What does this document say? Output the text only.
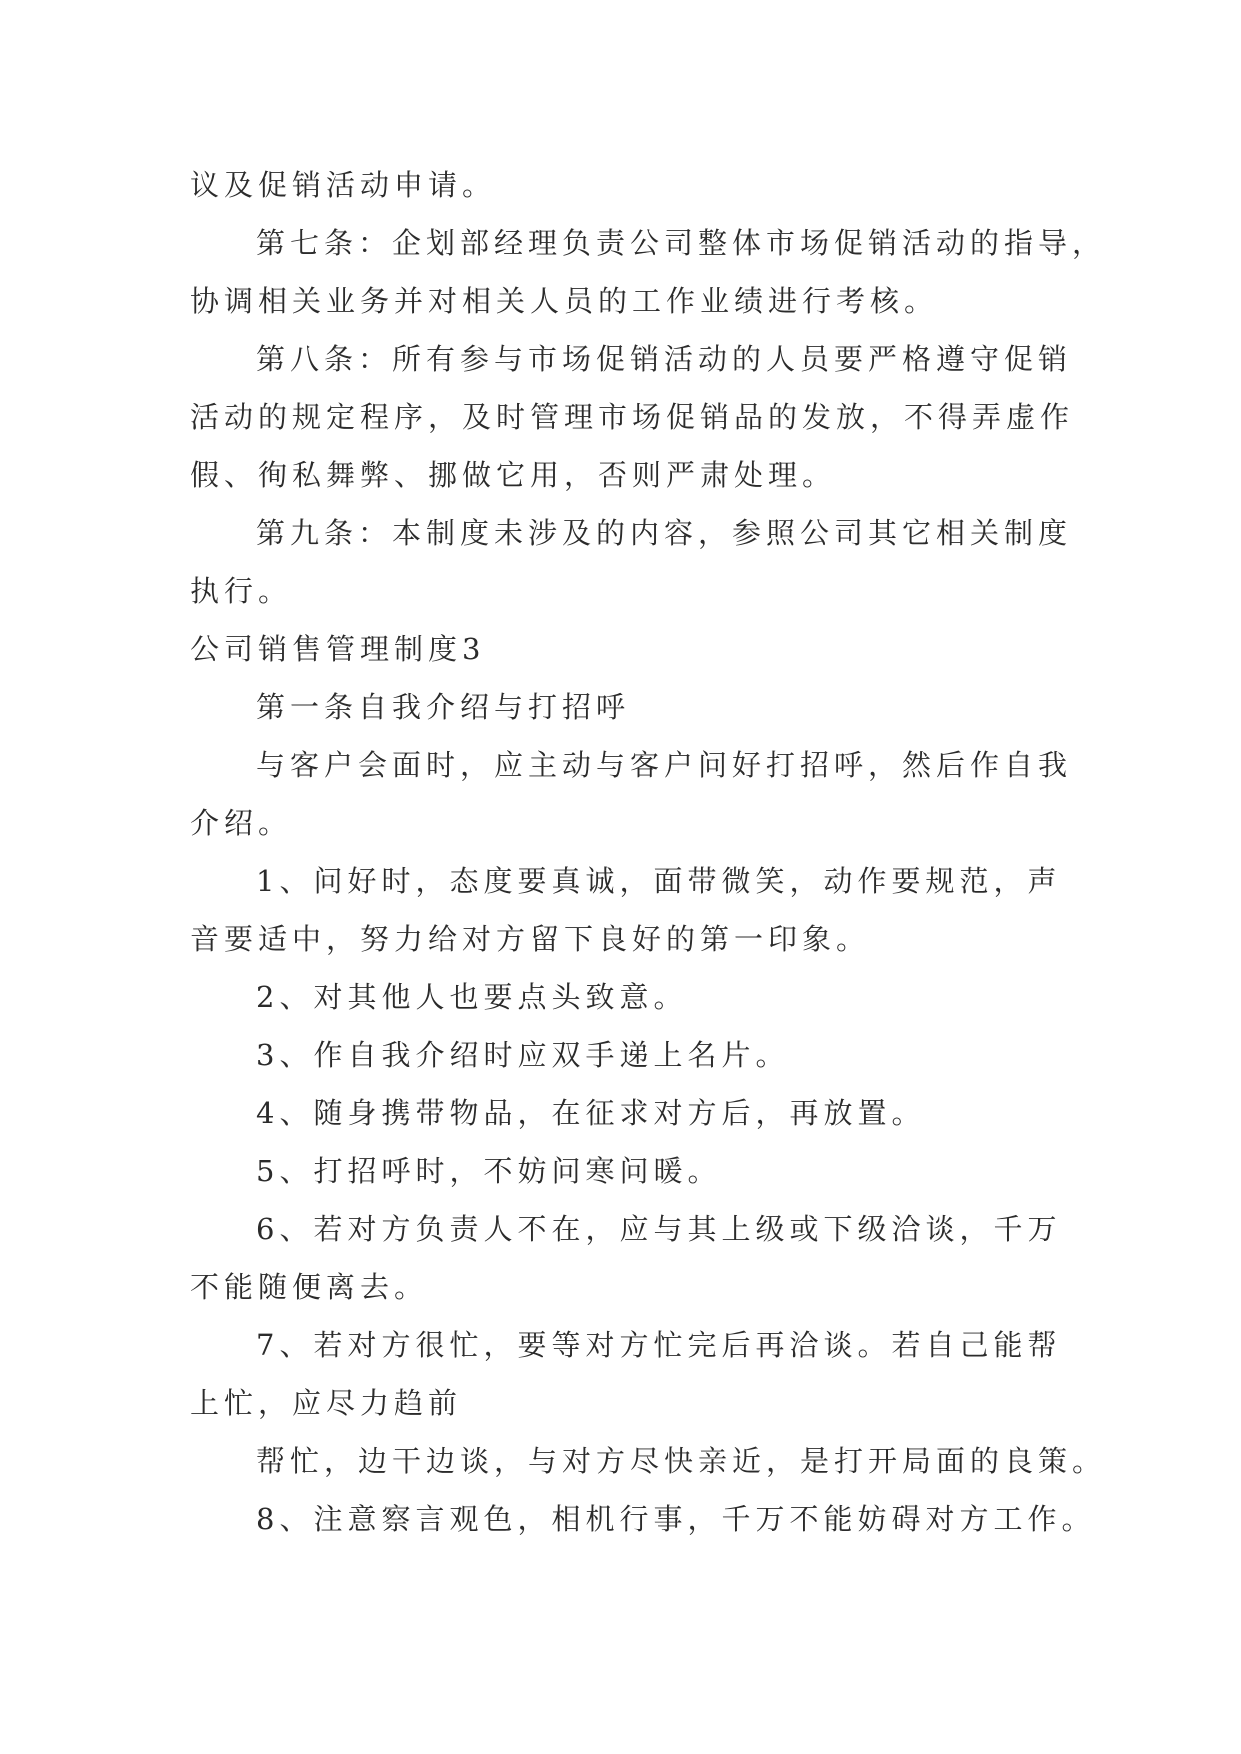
议及促销活动申请。
第七条：企划部经理负责公司整体市场促销活动的指导，
协调相关业务并对相关人员的工作业绩进行考核。
第八条：所有参与市场促销活动的人员要严格遵守促销
活动的规定程序，及时管理市场促销品的发放，不得弄虚作
假、徇私舞弊、挪做它用，否则严肃处理。
第九条：本制度未涉及的内容，参照公司其它相关制度
执行。
公司销售管理制度3
第一条自我介绍与打招呼
与客户会面时，应主动与客户问好打招呼，然后作自我
介绍。
1、问好时，态度要真诚，面带微笑，动作要规范，声
音要适中，努力给对方留下良好的第一印象。
2、对其他人也要点头致意。
3、作自我介绍时应双手递上名片。
4、随身携带物品，在征求对方后，再放置。
5、打招呼时，不妨问寒问暖。
6、若对方负责人不在，应与其上级或下级洽谈，千万
不能随便离去。
7、若对方很忙，要等对方忙完后再洽谈。若自己能帮
上忙，应尽力趋前
帮忙，边干边谈，与对方尽快亲近，是打开局面的良策。
8、注意察言观色，相机行事，千万不能妨碍对方工作。
